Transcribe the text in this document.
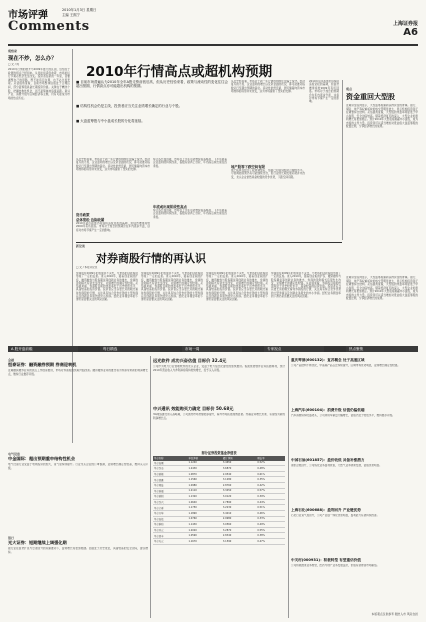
市场评弹	2010年1月3日 星期日
主编 王熙宁
Comments	上海证券报
A6
观察家
现在不炒，怎么办？
□ 文 / 周
2010年行情的展开与2009年最大的区别，恐怕在于政策的拐点已经到来。从宽松到适度收紧，市场的运行节奏必然会发生改变。投资者在新的一年里，需要调整自己的思路，既不能盲目乐观，也不必过度悲观。从估值角度看，目前市场整体估值处于合理区间，部分蓝筹股具备长期投资价值。关键在于精选个股，把握结构性机会，而不是简单地追涨杀跌。新兴产业、消费升级与区域经济等主题，仍有可能成为市场的热点所在。
2010年行情高点或超机构预期
■ 目前市场普遍认为2010年全年A股走势前低后高，但从历史经验来看，政策与流动性的变化往往会超出预期，行情高点亦可能超出机构的预期。
■ 结构性机会仍是主线，投资者应当关注业绩增长确定的行业与个股。
■ 大盘蓝筹股与中小盘成长股的分化将延续。
从历史经验看，市场对于新一年行情的判断往往偏于保守。经济复苏的力度、企业盈利的增长以及资金面的状况，都可能推动指数运行至超出预期的高位。流动性依然充裕，居民储蓄向资本市场转移的趋势并未改变，这为市场提供了坚实的支撑。
货币政策
总体宽松 边际收紧
2010年货币政策仍将保持适度宽松的基调，但信贷增速将较2009年有所回落。市场对于加息的预期会在年内逐步升温，这将对市场节奏产生一定的影响。
综合各方面因素，市场在上半年可能维持震荡格局，下半年随着企业盈利的持续改善，指数有望再上台阶，年内高点或出现在四季度。
年底或出现阶段性高点
综合各方面因素，市场在上半年可能维持震荡格局，下半年随着企业盈利的持续改善，指数有望再上台阶，年内高点或出现在四季度。
从历史经验看，市场对于新一年行情的判断往往偏于保守。经济复苏的力度、企业盈利的增长以及资金面的状况，都可能推动指数运行至超出预期的高位。流动性依然充裕，居民储蓄向资本市场转移的趋势并未改变，这为市场提供了坚实的支撑。
地产股等下跌空间有限
地产板块在经历了政策调整后，估值已回落到相对合理的水平。尽管调控政策仍有可能继续出台，但行业的长期发展趋势并未改变，龙头企业依然具备较强的竞争优势，下跌空间有限。
2010年货币政策仍将保持适度宽松的基调，但信贷增速将较2009年有所回落。市场对于加息的预期会在年内逐步升温，这将对市场节奏产生一定的影响。
观点
资金重回大型股
近期资金流向显示，大型蓝筹股重新获得资金的青睐。银行、保险、地产等权重板块的成交量明显放大，显示机构投资者正在调整持仓结构。从估值角度看，大型股的市盈率明显低于中小盘股，安全边际较高。随着经济复苏的深入，大型企业的盈利增长将更加稳定。预计2010年大型股将跑赢中小盘股，成为市场的主导力量。投资者可以适当增加对低估值大盘蓝筹股的配置比例，分享经济增长的成果。
新论谈
对券商股行情的再认识
□ 文 / 本报评论员
券商股在2009年的表现并不突出，与市场的活跃程度形成了一定的反差。进入2010年，随着创业板的扩容、融资融券与股指期货等创新业务的推出，券商的盈利模式有望发生改变，业绩增长的确定性较强。从估值来看，券商股目前的市盈率处于历史较低水平，具备较高的投资价值。投资者应当以更长远的眼光看待券商股的行情，关注具有综合竞争优势的大型券商以及创新业务领先的中小券商。经纪业务佣金率的下滑仍是需要关注的风险因素。
券商股在2009年的表现并不突出，与市场的活跃程度形成了一定的反差。进入2010年，随着创业板的扩容、融资融券与股指期货等创新业务的推出，券商的盈利模式有望发生改变，业绩增长的确定性较强。从估值来看，券商股目前的市盈率处于历史较低水平，具备较高的投资价值。投资者应当以更长远的眼光看待券商股的行情，关注具有综合竞争优势的大型券商以及创新业务领先的中小券商。经纪业务佣金率的下滑仍是需要关注的风险因素。
券商股在2009年的表现并不突出，与市场的活跃程度形成了一定的反差。进入2010年，随着创业板的扩容、融资融券与股指期货等创新业务的推出，券商的盈利模式有望发生改变，业绩增长的确定性较强。从估值来看，券商股目前的市盈率处于历史较低水平，具备较高的投资价值。投资者应当以更长远的眼光看待券商股的行情，关注具有综合竞争优势的大型券商以及创新业务领先的中小券商。经纪业务佣金率的下滑仍是需要关注的风险因素。
券商股在2009年的表现并不突出，与市场的活跃程度形成了一定的反差。进入2010年，随着创业板的扩容、融资融券与股指期货等创新业务的推出，券商的盈利模式有望发生改变，业绩增长的确定性较强。从估值来看，券商股目前的市盈率处于历史较低水平，具备较高的投资价值。投资者应当以更长远的眼光看待券商股的行情，关注具有综合竞争优势的大型券商以及创新业务领先的中小券商。经纪业务佣金率的下滑仍是需要关注的风险因素。
近期资金流向显示，大型蓝筹股重新获得资金的青睐。银行、保险、地产等权重板块的成交量明显放大，显示机构投资者正在调整持仓结构。从估值角度看，大型股的市盈率明显低于中小盘股，安全边际较高。随着经济复苏的深入，大型企业的盈利增长将更加稳定。预计2010年大型股将跑赢中小盘股，成为市场的主导力量。投资者可以适当增加对低估值大盘蓝筹股的配置比例，分享经济增长的成果。
A 股开盘前瞻	每日精选	市场一周	专家视点	热点聚焦
金融
恒泰证券：融资融券预期 券商迎转机
近期融资融券业务的试点工作稳步推进，市场对券商股的预期开始改善。融资融券业务的推出将为券商带来新的利润增长点，维持行业推荐评级。
电气设备
中金国际：超出预期重申结构性机会
电气设备行业受益于电网投资的加大，景气度持续提升。行业龙头企业的订单饱满，业绩增长确定性较高，维持买入评级。
银行
光大证券：短期继续上调强化期
银行业在信贷扩张与息差回升的双重推动下，盈利增长将更加稳健。估值处于历史低位，具备较高的安全边际，建议增持。
远光软件 成功兴奋估值 目标价 32.4元
公司作为电力行业管理软件的龙头企业，受益于电力信息化建设的加快推进。集团管控软件业务拓展顺利，预计2010年营业收入与净利润将保持较快增长，给予买入评级。
中兴通讯 效能购买力确定 目标价 50.68元
3G网络建设进入高峰期，公司国内市场份额稳步提升，海外市场拓展成效显著。终端业务增长迅速，有望成为新的利润增长点。
部分证券投资基金净值表
基金名称	单位净值	累计净值	增长率
基金安顺	1.1240	3.4650	0.52%
基金汉盛	1.2430	3.6870	0.48%
基金裕隆	1.0870	2.9540	0.61%
基金普惠	1.1560	3.1280	0.35%
基金同益	1.0980	2.8760	0.42%
基金景福	1.2110	3.3450	0.57%
基金裕阳	1.1320	3.0120	0.39%
基金汉兴	1.0640	2.7890	0.44%
基金金泰	1.1750	3.2230	0.51%
基金兴华	1.1890	3.4010	0.46%
基金安信	1.0760	2.9980	0.33%
基金泰和	1.1430	3.0560	0.49%
基金开元	1.2020	3.2870	0.55%
基金普丰	1.0590	2.8340	0.38%
基金天元	1.1670	3.1590	0.47%
重庆啤酒(600132)：复苏概念 处于高速区域
公司产品结构不断优化，中高端产品占比持续提升，区域市场优势明显，业绩增长确定性较强。
上海汽车(600104)：消费升级 估值仍偏低端
汽车消费保持旺盛势头，公司乘用车销量大幅增长，估值仍处于较低水平，维持推荐评级。
中国石油(601857)：盈价收低 具备补涨潜力
油价企稳回升，公司炼化业务盈利改善，天然气业务快速发展，估值优势明显。
上海石化(600688)：盈利回升 产业链优势
石化行业景气度回升，公司产业链一体化优势明显，盈利能力有望持续改善。
中关村(000931)：积极转型 有望重估价值
公司积极推进业务转型，医药与地产业务发展良好，价值有望得到市场重估。
本版观点仅供参考 据此入市 风险自担
